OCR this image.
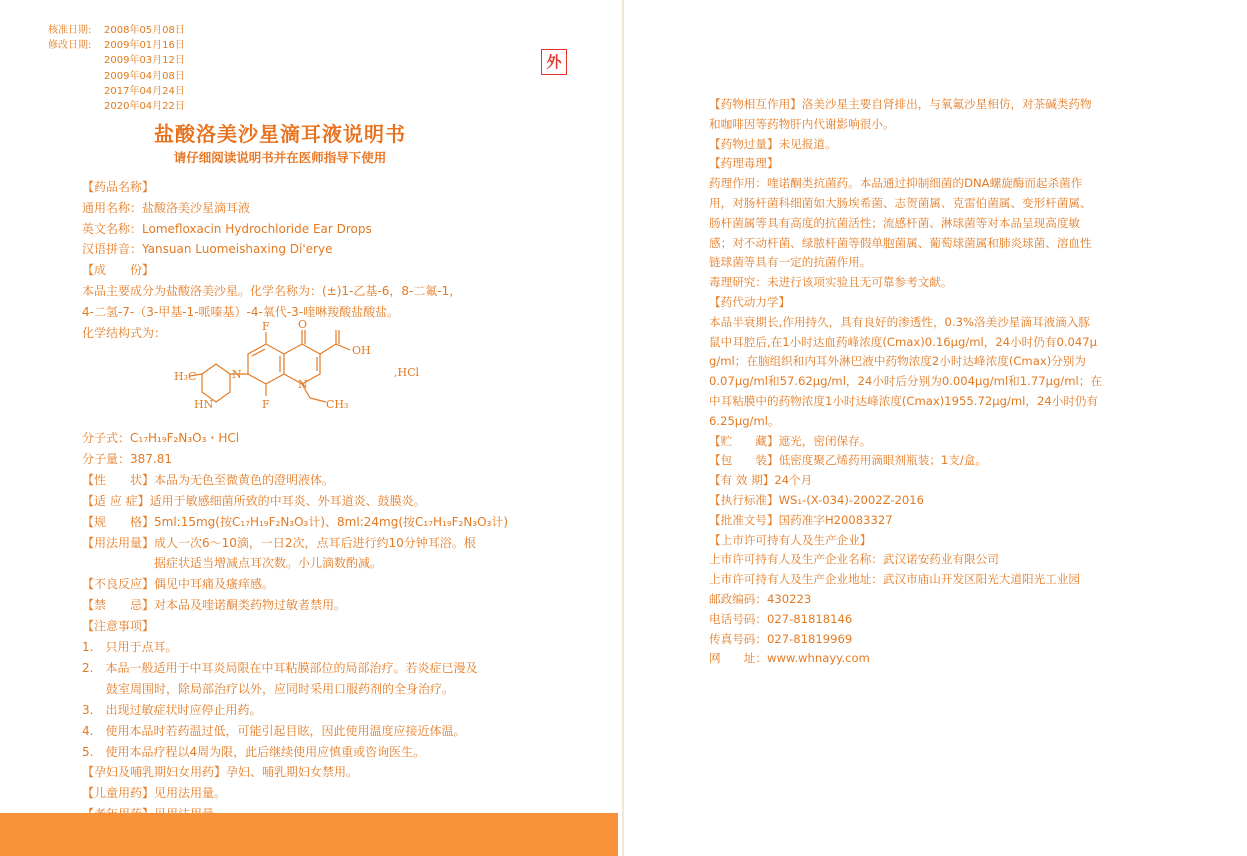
核准日期:	2008年05月08日
修改日期:	2009年01月16日
2009年03月12日
2009年04月08日
2017年04月24日
2020年04月22日
外
盐酸洛美沙星滴耳液说明书
请仔细阅读说明书并在医师指导下使用
【药品名称】
通用名称：盐酸洛美沙星滴耳液
英文名称：Lomefloxacin Hydrochloride Ear Drops
汉语拼音：Yansuan Luomeishaxing Di'erye
【成　　份】
本品主要成分为盐酸洛美沙星。化学名称为：(±)1-乙基-6，8-二氟-1，
4-二氢-7-（3-甲基-1-哌嗪基）-4-氧代-3-喹啉羧酸盐酸盐。
化学结构式为：
H₃C
HN
N
F
F
O
OH
N
CH₃
,HCl
分子式：C₁₇H₁₉F₂N₃O₃・HCl
分子量：387.81
【性　　状】本品为无色至微黄色的澄明液体。
【适 应 症】适用于敏感细菌所致的中耳炎、外耳道炎、鼓膜炎。
【规　　格】5ml:15mg(按C₁₇H₁₉F₂N₃O₃计)、8ml:24mg(按C₁₇H₁₉F₂N₃O₃计)
【用法用量】成人一次6～10滴，一日2次，点耳后进行约10分钟耳浴。根
　　　　　　据症状适当增减点耳次数。小儿滴数酌减。
【不良反应】偶见中耳痛及瘙痒感。
【禁　　忌】对本品及喹诺酮类药物过敏者禁用。
【注意事项】
1.　只用于点耳。
2.　本品一般适用于中耳炎局限在中耳粘膜部位的局部治疗。若炎症已漫及
　　鼓室周围时，除局部治疗以外，应同时采用口服药剂的全身治疗。
3.　出现过敏症状时应停止用药。
4.　使用本品时若药温过低，可能引起目眩，因此使用温度应接近体温。
5.　使用本品疗程以4周为限，此后继续使用应慎重或咨询医生。
【孕妇及哺乳期妇女用药】孕妇、哺乳期妇女禁用。
【儿童用药】见用法用量。
【药物相互作用】洛美沙星主要自肾排出，与氧氟沙星相仿，对茶碱类药物
和咖啡因等药物肝内代谢影响很小。
【药物过量】未见报道。
【药理毒理】
药理作用：喹诺酮类抗菌药。本品通过抑制细菌的DNA螺旋酶而起杀菌作
用，对肠杆菌科细菌如大肠埃希菌、志贺菌属、克雷伯菌属、变形杆菌属、
肠杆菌属等具有高度的抗菌活性；流感杆菌、淋球菌等对本品呈现高度敏
感；对不动杆菌、绿脓杆菌等假单胞菌属、葡萄球菌属和肺炎球菌、溶血性
链球菌等具有一定的抗菌作用。
毒理研究：未进行该项实验且无可靠参考文献。
【药代动力学】
本品半衰期长,作用持久，具有良好的渗透性，0.3%洛美沙星滴耳液滴入豚
鼠中耳腔后,在1小时达血药峰浓度(Cmax)0.16μg/ml，24小时仍有0.047μ
g/ml；在脑组织和内耳外淋巴液中药物浓度2小时达峰浓度(Cmax)分别为
0.07μg/ml和57.62μg/ml，24小时后分别为0.004μg/ml和1.77μg/ml；在
中耳粘膜中的药物浓度1小时达峰浓度(Cmax)1955.72μg/ml，24小时仍有
6.25μg/ml。
【贮　　藏】遮光，密闭保存。
【包　　装】低密度聚乙烯药用滴眼剂瓶装；1支/盒。
【有 效 期】24个月
【执行标准】WS₁-(X-034)-2002Z-2016
【批准文号】国药准字H20083327
【上市许可持有人及生产企业】
上市许可持有人及生产企业名称：武汉诺安药业有限公司
上市许可持有人及生产企业地址：武汉市庙山开发区阳光大道阳光工业园
邮政编码：430223
电话号码：027-81818146
传真号码：027-81819969
网　　址：www.whnayy.com
